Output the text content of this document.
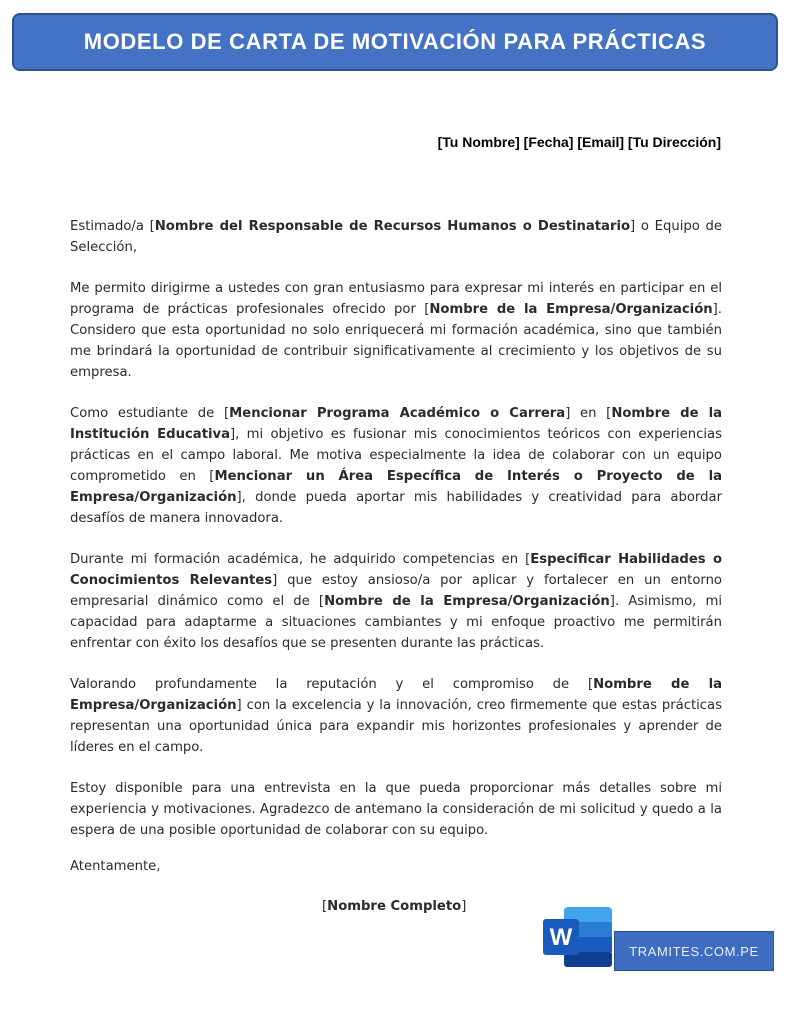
MODELO DE CARTA DE MOTIVACIÓN PARA PRÁCTICAS
[Tu Nombre] [Fecha] [Email] [Tu Dirección]

Estimado/a [Nombre del Responsable de Recursos Humanos o Destinatario] o Equipo de Selección,

Me permito dirigirme a ustedes con gran entusiasmo para expresar mi interés en participar en el programa de prácticas profesionales ofrecido por [Nombre de la Empresa/Organización]. Considero que esta oportunidad no solo enriquecerá mi formación académica, sino que también me brindará la oportunidad de contribuir significativamente al crecimiento y los objetivos de su empresa.

Como estudiante de [Mencionar Programa Académico o Carrera] en [Nombre de la Institución Educativa], mi objetivo es fusionar mis conocimientos teóricos con experiencias prácticas en el campo laboral. Me motiva especialmente la idea de colaborar con un equipo comprometido en [Mencionar un Área Específica de Interés o Proyecto de la Empresa/Organización], donde pueda aportar mis habilidades y creatividad para abordar desafíos de manera innovadora.

Durante mi formación académica, he adquirido competencias en [Especificar Habilidades o Conocimientos Relevantes] que estoy ansioso/a por aplicar y fortalecer en un entorno empresarial dinámico como el de [Nombre de la Empresa/Organización]. Asimismo, mi capacidad para adaptarme a situaciones cambiantes y mi enfoque proactivo me permitirán enfrentar con éxito los desafíos que se presenten durante las prácticas.

Valorando profundamente la reputación y el compromiso de [Nombre de la Empresa/Organización] con la excelencia y la innovación, creo firmemente que estas prácticas representan una oportunidad única para expandir mis horizontes profesionales y aprender de líderes en el campo.

Estoy disponible para una entrevista en la que pueda proporcionar más detalles sobre mi experiencia y motivaciones. Agradezco de antemano la consideración de mi solicitud y quedo a la espera de una posible oportunidad de colaborar con su equipo.

Atentamente,
[Nombre Completo]
W	TRAMITES.COM.PE
